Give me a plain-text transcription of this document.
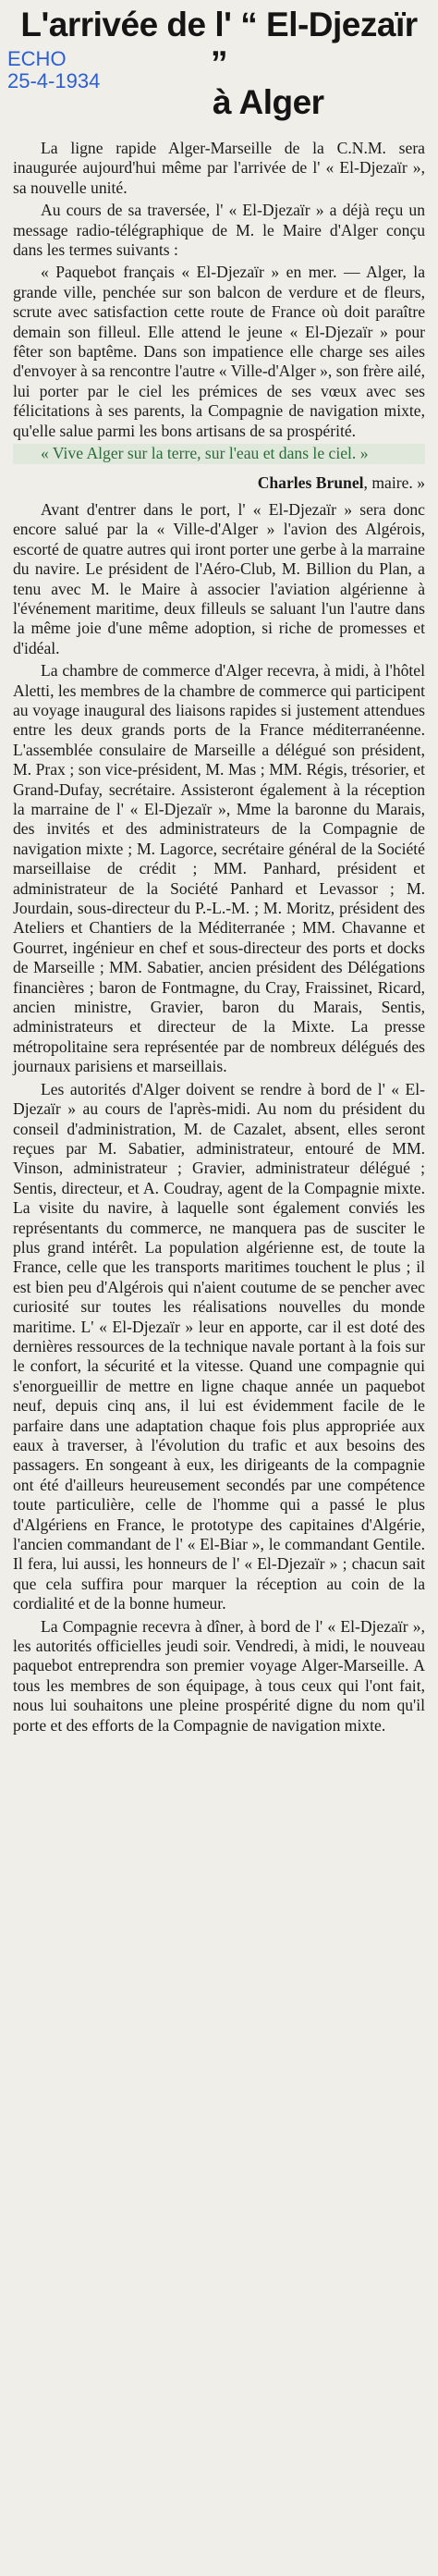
L'arrivée de l' “ El-Djezaïr ”
à Alger
ECHO
25-4-1934

La ligne rapide Alger-Marseille de la C.N.M. sera inaugurée aujourd'hui même par l'arrivée de l' « El-Djezaïr », sa nouvelle unité.

Au cours de sa traversée, l' « El-Djezaïr » a déjà reçu un message radio-télégraphique de M. le Maire d'Alger conçu dans les termes suivants :

« Paquebot français « El-Djezaïr » en mer. — Alger, la grande ville, penchée sur son balcon de verdure et de fleurs, scrute avec satisfaction cette route de France où doit paraître demain son filleul. Elle attend le jeune « El-Djezaïr » pour fêter son baptême. Dans son impatience elle charge ses ailes d'envoyer à sa rencontre l'autre « Ville-d'Alger », son frère ailé, lui porter par le ciel les prémices de ses vœux avec ses félicitations à ses parents, la Compagnie de navigation mixte, qu'elle salue parmi les bons artisans de sa prospérité.

« Vive Alger sur la terre, sur l'eau et dans le ciel. »

Charles Brunel, maire. »

Avant d'entrer dans le port, l' « El-Djezaïr » sera donc encore salué par la « Ville-d'Alger » l'avion des Algérois, escorté de quatre autres qui iront porter une gerbe à la marraine du navire. Le président de l'Aéro-Club, M. Billion du Plan, a tenu avec M. le Maire à associer l'aviation algérienne à l'événement maritime, deux filleuls se saluant l'un l'autre dans la même joie d'une même adoption, si riche de promesses et d'idéal.

La chambre de commerce d'Alger recevra, à midi, à l'hôtel Aletti, les membres de la chambre de commerce qui participent au voyage inaugural des liaisons rapides si justement attendues entre les deux grands ports de la France méditerranéenne. L'assemblée consulaire de Marseille a délégué son président, M. Prax ; son vice-président, M. Mas ; MM. Régis, trésorier, et Grand-Dufay, secrétaire. Assisteront également à la réception la marraine de l' « El-Djezaïr », Mme la baronne du Marais, des invités et des administrateurs de la Compagnie de navigation mixte ; M. Lagorce, secrétaire général de la Société marseillaise de crédit ; MM. Panhard, président et administrateur de la Société Panhard et Levassor ; M. Jourdain, sous-directeur du P.-L.-M. ; M. Moritz, président des Ateliers et Chantiers de la Méditerranée ; MM. Chavanne et Gourret, ingénieur en chef et sous-directeur des ports et docks de Marseille ; MM. Sabatier, ancien président des Délégations financières ; baron de Fontmagne, du Cray, Fraissinet, Ricard, ancien ministre, Gravier, baron du Marais, Sentis, administrateurs et directeur de la Mixte. La presse métropolitaine sera représentée par de nombreux délégués des journaux parisiens et marseillais.

Les autorités d'Alger doivent se rendre à bord de l' « El-Djezaïr » au cours de l'après-midi. Au nom du président du conseil d'administration, M. de Cazalet, absent, elles seront reçues par M. Sabatier, administrateur, entouré de MM. Vinson, administrateur ; Gravier, administrateur délégué ; Sentis, directeur, et A. Coudray, agent de la Compagnie mixte. La visite du navire, à laquelle sont également conviés les représentants du commerce, ne manquera pas de susciter le plus grand intérêt. La population algérienne est, de toute la France, celle que les transports maritimes touchent le plus ; il est bien peu d'Algérois qui n'aient coutume de se pencher avec curiosité sur toutes les réalisations nouvelles du monde maritime. L' « El-Djezaïr » leur en apporte, car il est doté des dernières ressources de la technique navale portant à la fois sur le confort, la sécurité et la vitesse. Quand une compagnie qui s'enorgueillir de mettre en ligne chaque année un paquebot neuf, depuis cinq ans, il lui est évidemment facile de le parfaire dans une adaptation chaque fois plus appropriée aux eaux à traverser, à l'évolution du trafic et aux besoins des passagers. En songeant à eux, les dirigeants de la compagnie ont été d'ailleurs heureusement secondés par une compétence toute particulière, celle de l'homme qui a passé le plus d'Algériens en France, le prototype des capitaines d'Algérie, l'ancien commandant de l' « El-Biar », le commandant Gentile. Il fera, lui aussi, les honneurs de l' « El-Djezaïr » ; chacun sait que cela suffira pour marquer la réception au coin de la cordialité et de la bonne humeur.

La Compagnie recevra à dîner, à bord de l' « El-Djezaïr », les autorités officielles jeudi soir. Vendredi, à midi, le nouveau paquebot entreprendra son premier voyage Alger-Marseille. A tous les membres de son équipage, à tous ceux qui l'ont fait, nous lui souhaitons une pleine prospérité digne du nom qu'il porte et des efforts de la Compagnie de navigation mixte.
